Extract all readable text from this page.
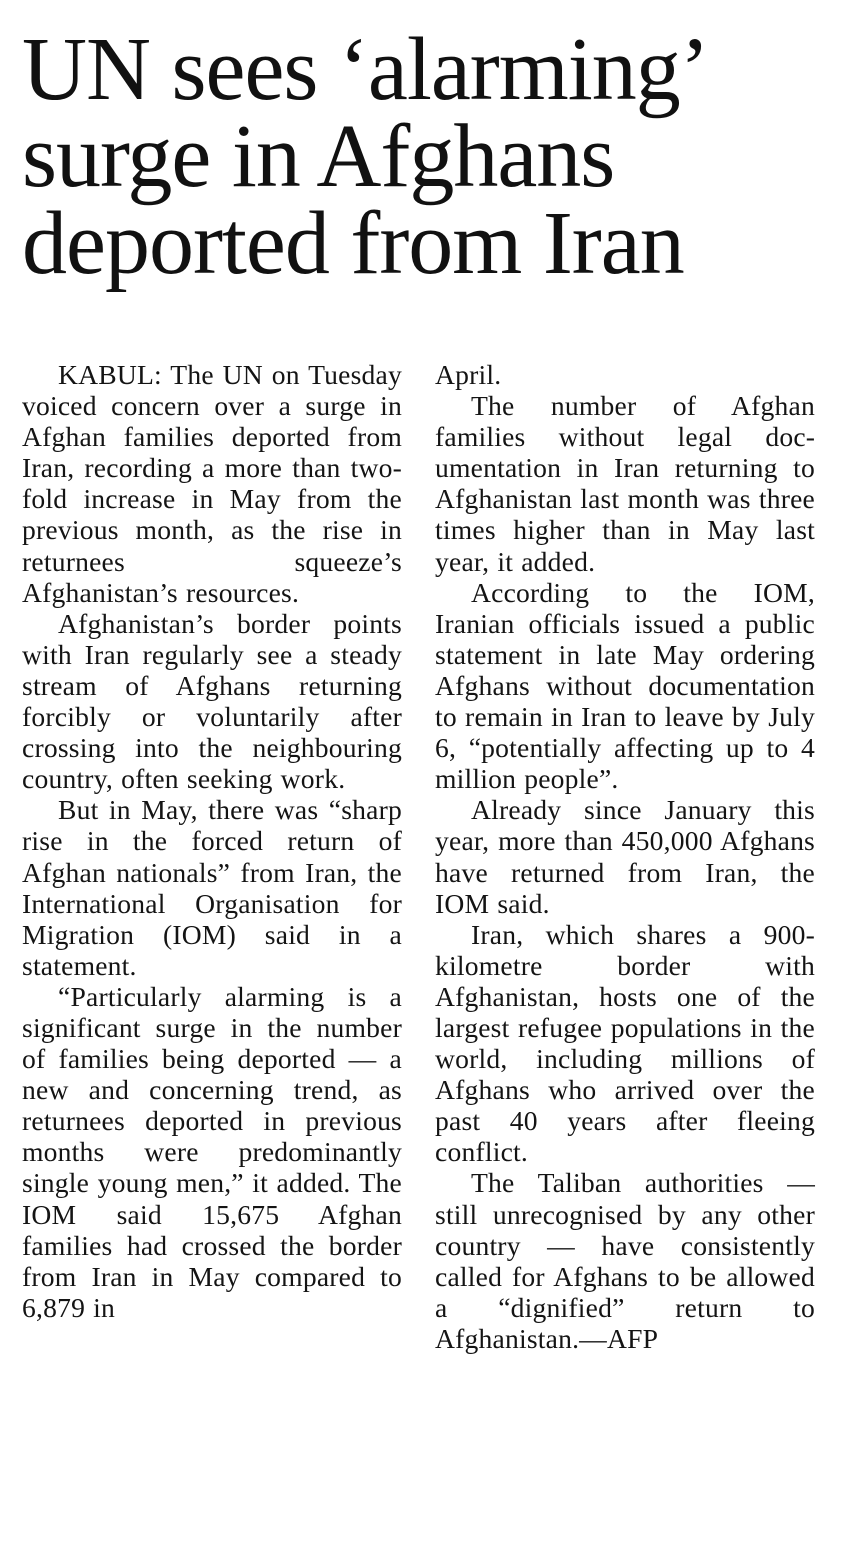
UN sees ‘alarming’
surge in Afghans
deported from Iran

KABUL: The UN on Tuesday voiced concern over a surge in Afghan families deported from Iran, recording a more than two-fold increase in May from the previous month, as the rise in returnees squeeze’s Afghanistan’s resources.

Afghanistan’s border points with Iran regularly see a steady stream of Afghans returning forcibly or voluntarily after crossing into the neighbouring country, often seeking work.

But in May, there was “sharp rise in the forced return of Afghan nationals” from Iran, the International Organisation for Migration (IOM) said in a statement.

“Particularly alarming is a significant surge in the number of families being deported — a new and concerning trend, as returnees deported in previous months were predominantly single young men,” it added. The IOM said 15,675 Afghan families had crossed the border from Iran in May compared to 6,879 in

April.

The number of Afghan families without legal documentation in Iran returning to Afghanistan last month was three times higher than in May last year, it added.

According to the IOM, Iranian officials issued a public statement in late May ordering Afghans without documentation to remain in Iran to leave by July 6, “potentially affecting up to 4 million people”.

Already since January this year, more than 450,000 Afghans have returned from Iran, the IOM said.

Iran, which shares a 900-kilometre border with Afghanistan, hosts one of the largest refugee populations in the world, including millions of Afghans who arrived over the past 40 years after fleeing conflict.

The Taliban authorities — still unrecognised by any other country — have consistently called for Afghans to be allowed a “dignified” return to Afghanistan.—AFP
